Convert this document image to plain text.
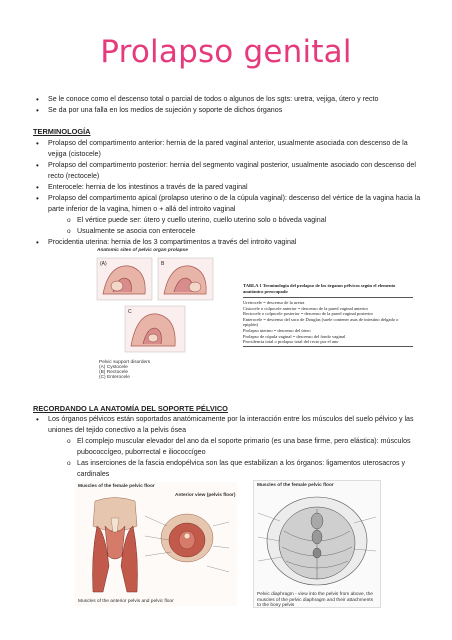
Prolapso genital
• Se le conoce como el descenso total o parcial de todos o algunos de los sgts: uretra, vejiga, útero y recto
• Se da por una falla en los medios de sujeción y soporte de dichos órganos
TERMINOLOGÍA
• Prolapso del compartimento anterior: hernia de la pared vaginal anterior, usualmente asociada con descenso de la vejiga (cistocele)
• Prolapso del compartimento posterior: hernia del segmento vaginal posterior, usualmente asociado con descenso del recto (rectocele)
• Enterocele: hernia de los intestinos a través de la pared vaginal
• Prolapso del compartimento apical (prolapso uterino o de la cúpula vaginal): descenso del vértice de la vagina hacia la parte inferior de la vagina, himen o + allá del introito vaginal
o El vértice puede ser: útero y cuello uterino, cuello uterino solo o bóveda vaginal
o Usualmente se asocia con enterocele
• Procidentia uterina: hernia de los 3 compartimentos a través del introito vaginal
Anatomic sites of pelvic organ prolapse
(A)	B
C
Pelvic support disorders
(A) Cystocele
(B) Rectocele
(C) Enterocele
TABLA 1 Terminología del prolapso de los órganos pélvicos según el elemento anatómico preocupado
Uretrocele = descenso de la uretra
Cistocele o colpocele anterior = descenso de la pared vaginal anterior
Rectocele o colpocele posterior = descenso de la pared vaginal posterior
Enterocele = descenso del saco de Douglas (suele contener asas de intestino delgado o epiplón)
Prolapso uterino = descenso del útero
Prolapso de cúpula vaginal = descenso del fondo vaginal
Procidencia total o prolapso total del recto por el ano
RECORDANDO LA ANATOMÍA DEL SOPORTE PÉLVICO
• Los órganos pélvicos están soportados anatómicamente por la interacción entre los músculos del suelo pélvico y las uniones del tejido conectivo a la pelvis ósea
o El complejo muscular elevador del ano da el soporte primario (es una base firme, pero elástica): músculos pubococcígeo, puborrectal e iliococcígeo
o Las inserciones de la fascia endopélvica son las que estabilizan a los órganos: ligamentos uterosacros y cardinales
Muscles of the female pelvic floor
Anterior view (pelvis floor)
Muscles of the anterior pelvis and pelvic floor
Muscles of the female pelvic floor
Pelvic diaphragm - view into the pelvis from above, the muscles of the pelvic diaphragm and their attachments to the bony pelvis
